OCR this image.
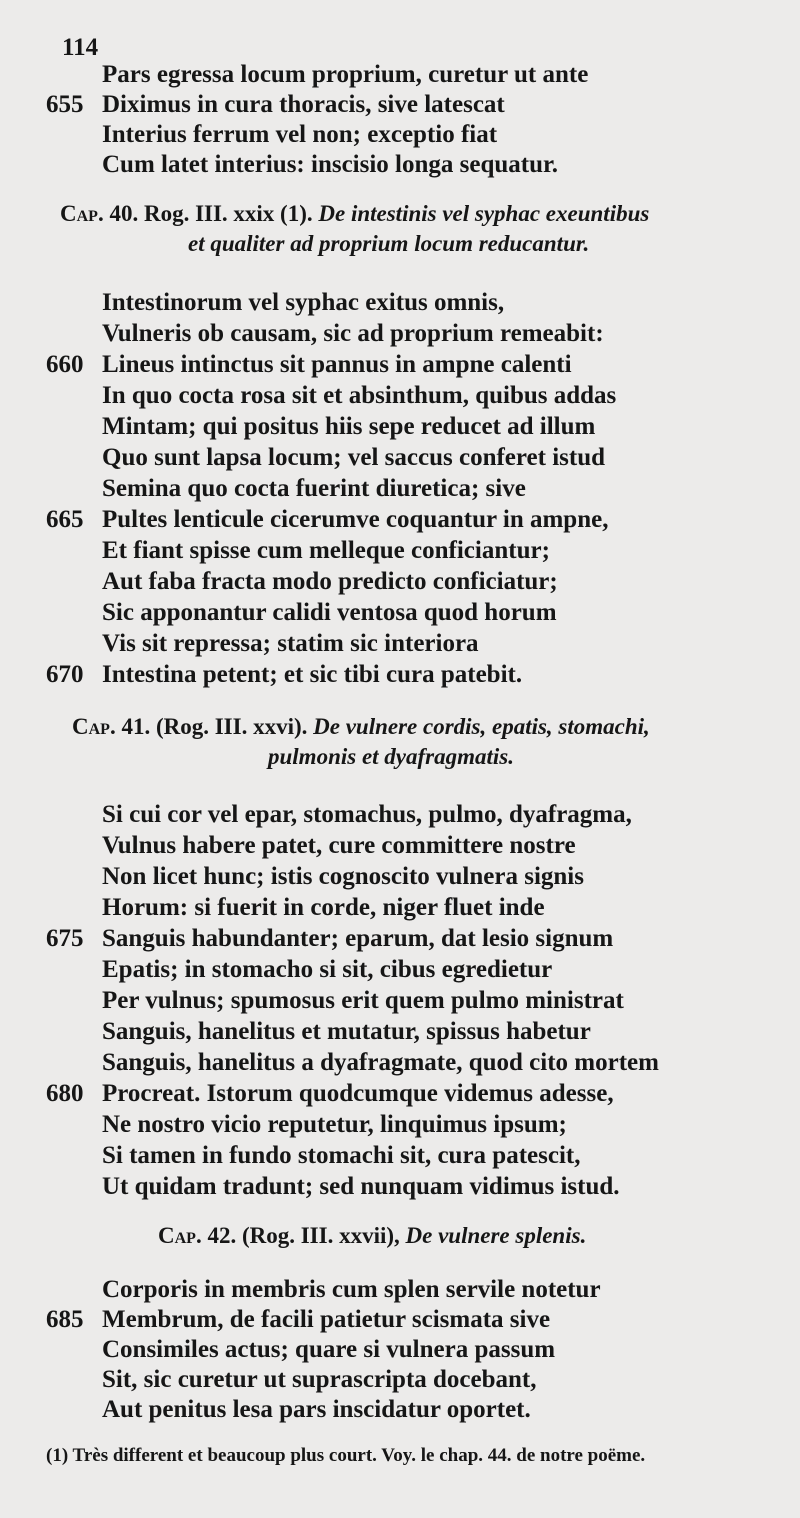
114
Pars egressa locum proprium, curetur ut ante
655 Diximus in cura thoracis, sive latescat
Interius ferrum vel non; exceptio fiat
Cum latet interius: inscisio longa sequatur.
Cap. 40. Rog. III. xxix (1). De intestinis vel syphac exeuntibus
et qualiter ad proprium locum reducantur.
Intestinorum vel syphac exitus omnis,
Vulneris ob causam, sic ad proprium remeabit:
660 Lineus intinctus sit pannus in ampne calenti
In quo cocta rosa sit et absinthum, quibus addas
Mintam; qui positus hiis sepe reducet ad illum
Quo sunt lapsa locum; vel saccus conferet istud
Semina quo cocta fuerint diuretica; sive
665 Pultes lenticule cicerumve coquantur in ampne,
Et fiant spisse cum melleque conficiantur;
Aut faba fracta modo predicto conficiatur;
Sic apponantur calidi ventosa quod horum
Vis sit repressa; statim sic interiora
670 Intestina petent; et sic tibi cura patebit.
Cap. 41. (Rog. III. xxvi). De vulnere cordis, epatis, stomachi,
pulmonis et dyafragmatis.
Si cui cor vel epar, stomachus, pulmo, dyafragma,
Vulnus habere patet, cure committere nostre
Non licet hunc; istis cognoscito vulnera signis
Horum: si fuerit in corde, niger fluet inde
675 Sanguis habundanter; eparum, dat lesio signum
Epatis; in stomacho si sit, cibus egredietur
Per vulnus; spumosus erit quem pulmo ministrat
Sanguis, hanelitus et mutatur, spissus habetur
Sanguis, hanelitus a dyafragmate, quod cito mortem
680 Procreat. Istorum quodcumque videmus adesse,
Ne nostro vicio reputetur, linquimus ipsum;
Si tamen in fundo stomachi sit, cura patescit,
Ut quidam tradunt; sed nunquam vidimus istud.
Cap. 42. (Rog. III. xxvii), De vulnere splenis.
Corporis in membris cum splen servile notetur
685 Membrum, de facili patietur scismata sive
Consimiles actus; quare si vulnera passum
Sit, sic curetur ut suprascripta docebant,
Aut penitus lesa pars inscidatur oportet.
(1) Très different et beaucoup plus court. Voy. le chap. 44. de notre poëme.
